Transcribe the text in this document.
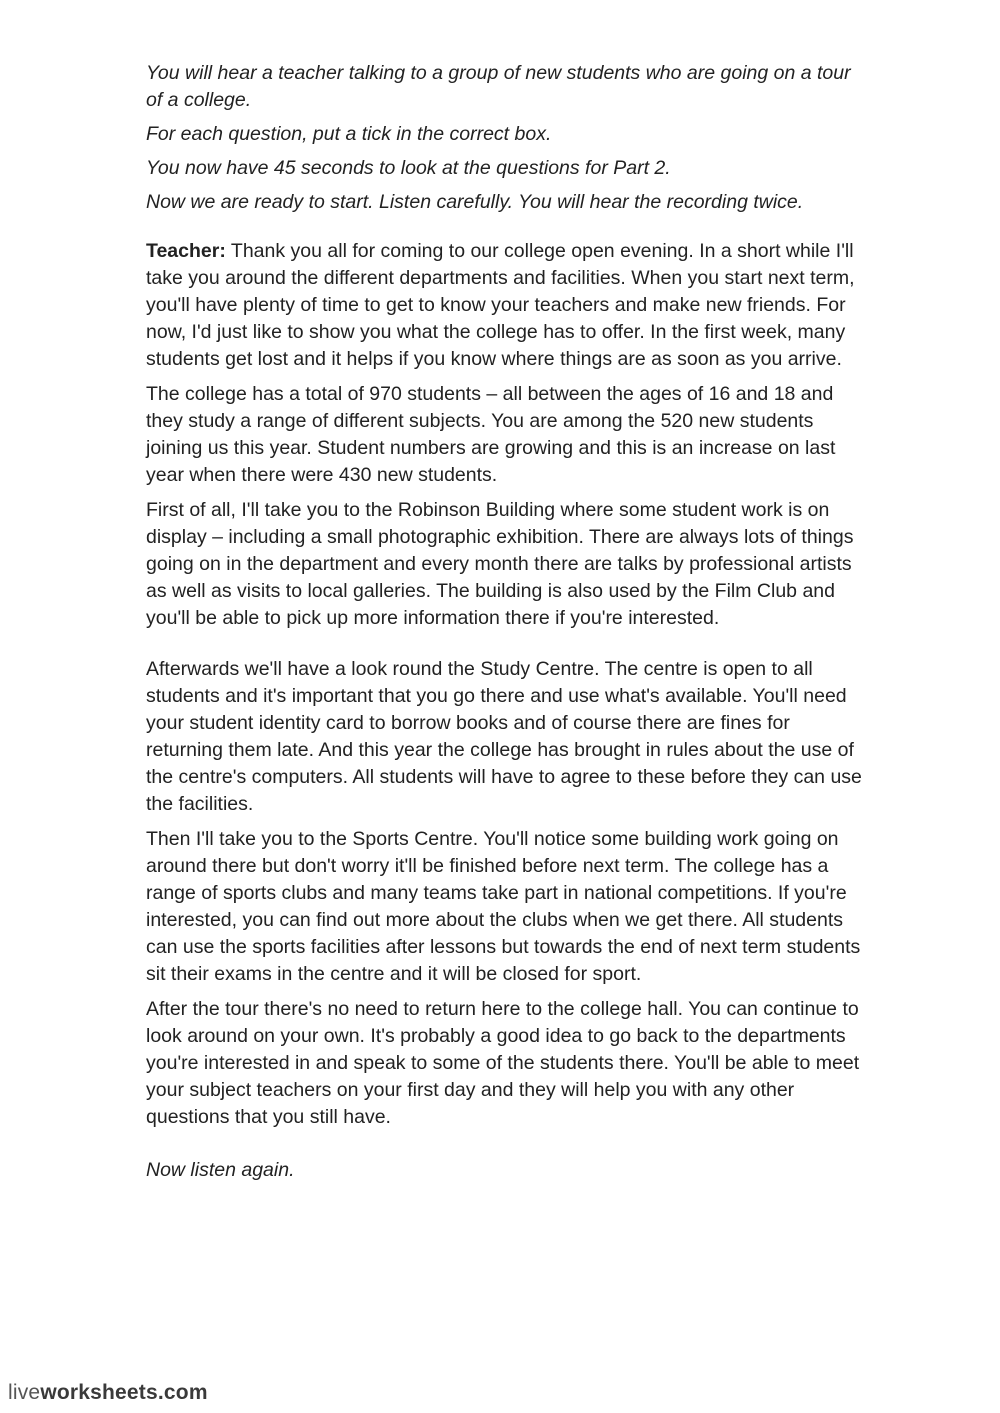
You will hear a teacher talking to a group of new students who are going on a tour of a college.

For each question, put a tick in the correct box.

You now have 45 seconds to look at the questions for Part 2.

Now we are ready to start. Listen carefully. You will hear the recording twice.

Teacher: Thank you all for coming to our college open evening. In a short while I'll take you around the different departments and facilities. When you start next term, you'll have plenty of time to get to know your teachers and make new friends. For now, I'd just like to show you what the college has to offer. In the first week, many students get lost and it helps if you know where things are as soon as you arrive.

The college has a total of 970 students – all between the ages of 16 and 18 and they study a range of different subjects. You are among the 520 new students joining us this year. Student numbers are growing and this is an increase on last year when there were 430 new students.

First of all, I'll take you to the Robinson Building where some student work is on display – including a small photographic exhibition. There are always lots of things going on in the department and every month there are talks by professional artists as well as visits to local galleries. The building is also used by the Film Club and you'll be able to pick up more information there if you're interested.

Afterwards we'll have a look round the Study Centre. The centre is open to all students and it's important that you go there and use what's available. You'll need your student identity card to borrow books and of course there are fines for returning them late. And this year the college has brought in rules about the use of the centre's computers. All students will have to agree to these before they can use the facilities.

Then I'll take you to the Sports Centre. You'll notice some building work going on around there but don't worry it'll be finished before next term. The college has a range of sports clubs and many teams take part in national competitions. If you're interested, you can find out more about the clubs when we get there. All students can use the sports facilities after lessons but towards the end of next term students sit their exams in the centre and it will be closed for sport.

After the tour there's no need to return here to the college hall. You can continue to look around on your own. It's probably a good idea to go back to the departments you're interested in and speak to some of the students there. You'll be able to meet your subject teachers on your first day and they will help you with any other questions that you still have.

Now listen again.

liveworksheets.com
